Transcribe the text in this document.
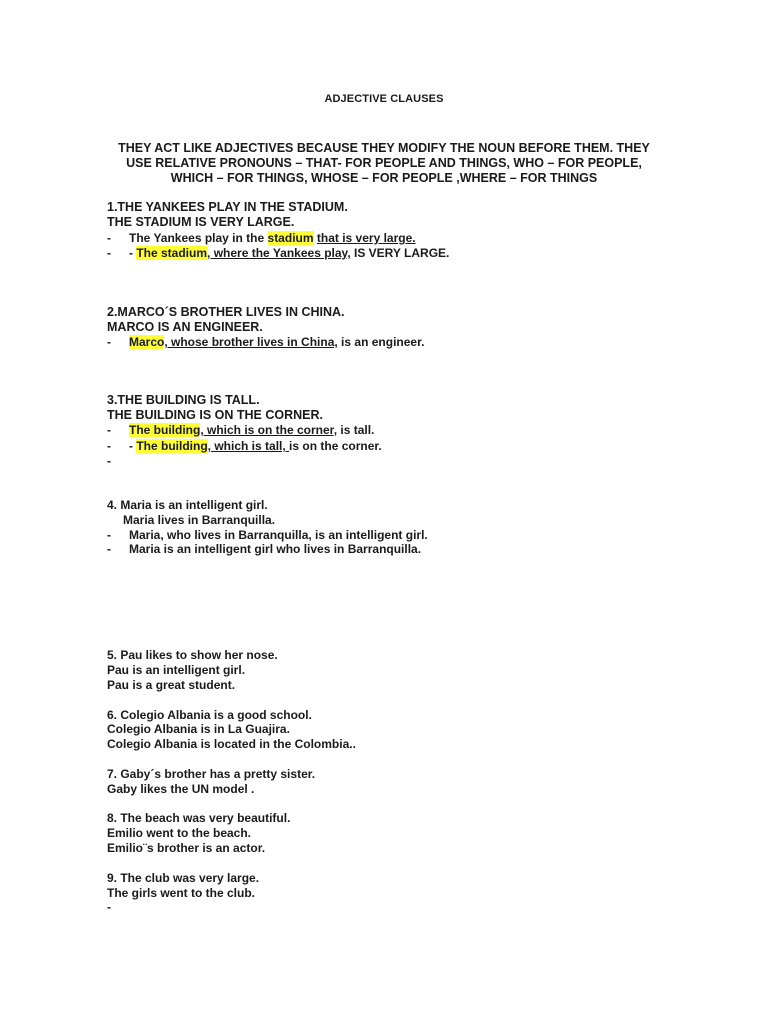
ADJECTIVE CLAUSES
THEY ACT LIKE ADJECTIVES BECAUSE THEY MODIFY THE NOUN BEFORE THEM. THEY
USE RELATIVE PRONOUNS – THAT- FOR PEOPLE AND THINGS, WHO – FOR PEOPLE,
WHICH – FOR THINGS, WHOSE – FOR PEOPLE ,WHERE – FOR THINGS
1.THE YANKEES PLAY IN THE STADIUM.
THE STADIUM IS VERY LARGE.
- The Yankees play in the stadium that is very large.
- - The stadium, where the Yankees play, IS VERY LARGE.
2.MARCO´S BROTHER LIVES IN CHINA.
MARCO IS AN ENGINEER.
- Marco, whose brother lives in China, is an engineer.
3.THE BUILDING IS TALL.
THE BUILDING IS ON THE CORNER.
- The building, which is on the corner, is tall.
- - The building, which is tall, is on the corner.
-
4. Maria is an intelligent girl.
Maria lives in Barranquilla.
- Maria, who lives in Barranquilla, is an intelligent girl.
- Maria is an intelligent girl who lives in Barranquilla.
5. Pau likes to show her nose.
Pau is an intelligent girl.
Pau is a great student.
6. Colegio Albania is a good school.
Colegio Albania is in La Guajira.
Colegio Albania is located in the Colombia..
7. Gaby´s brother has a pretty sister.
Gaby likes the UN model .
8. The beach was very beautiful.
Emilio went to the beach.
Emilio¨s brother is an actor.
9. The club was very large.
The girls went to the club.
-
